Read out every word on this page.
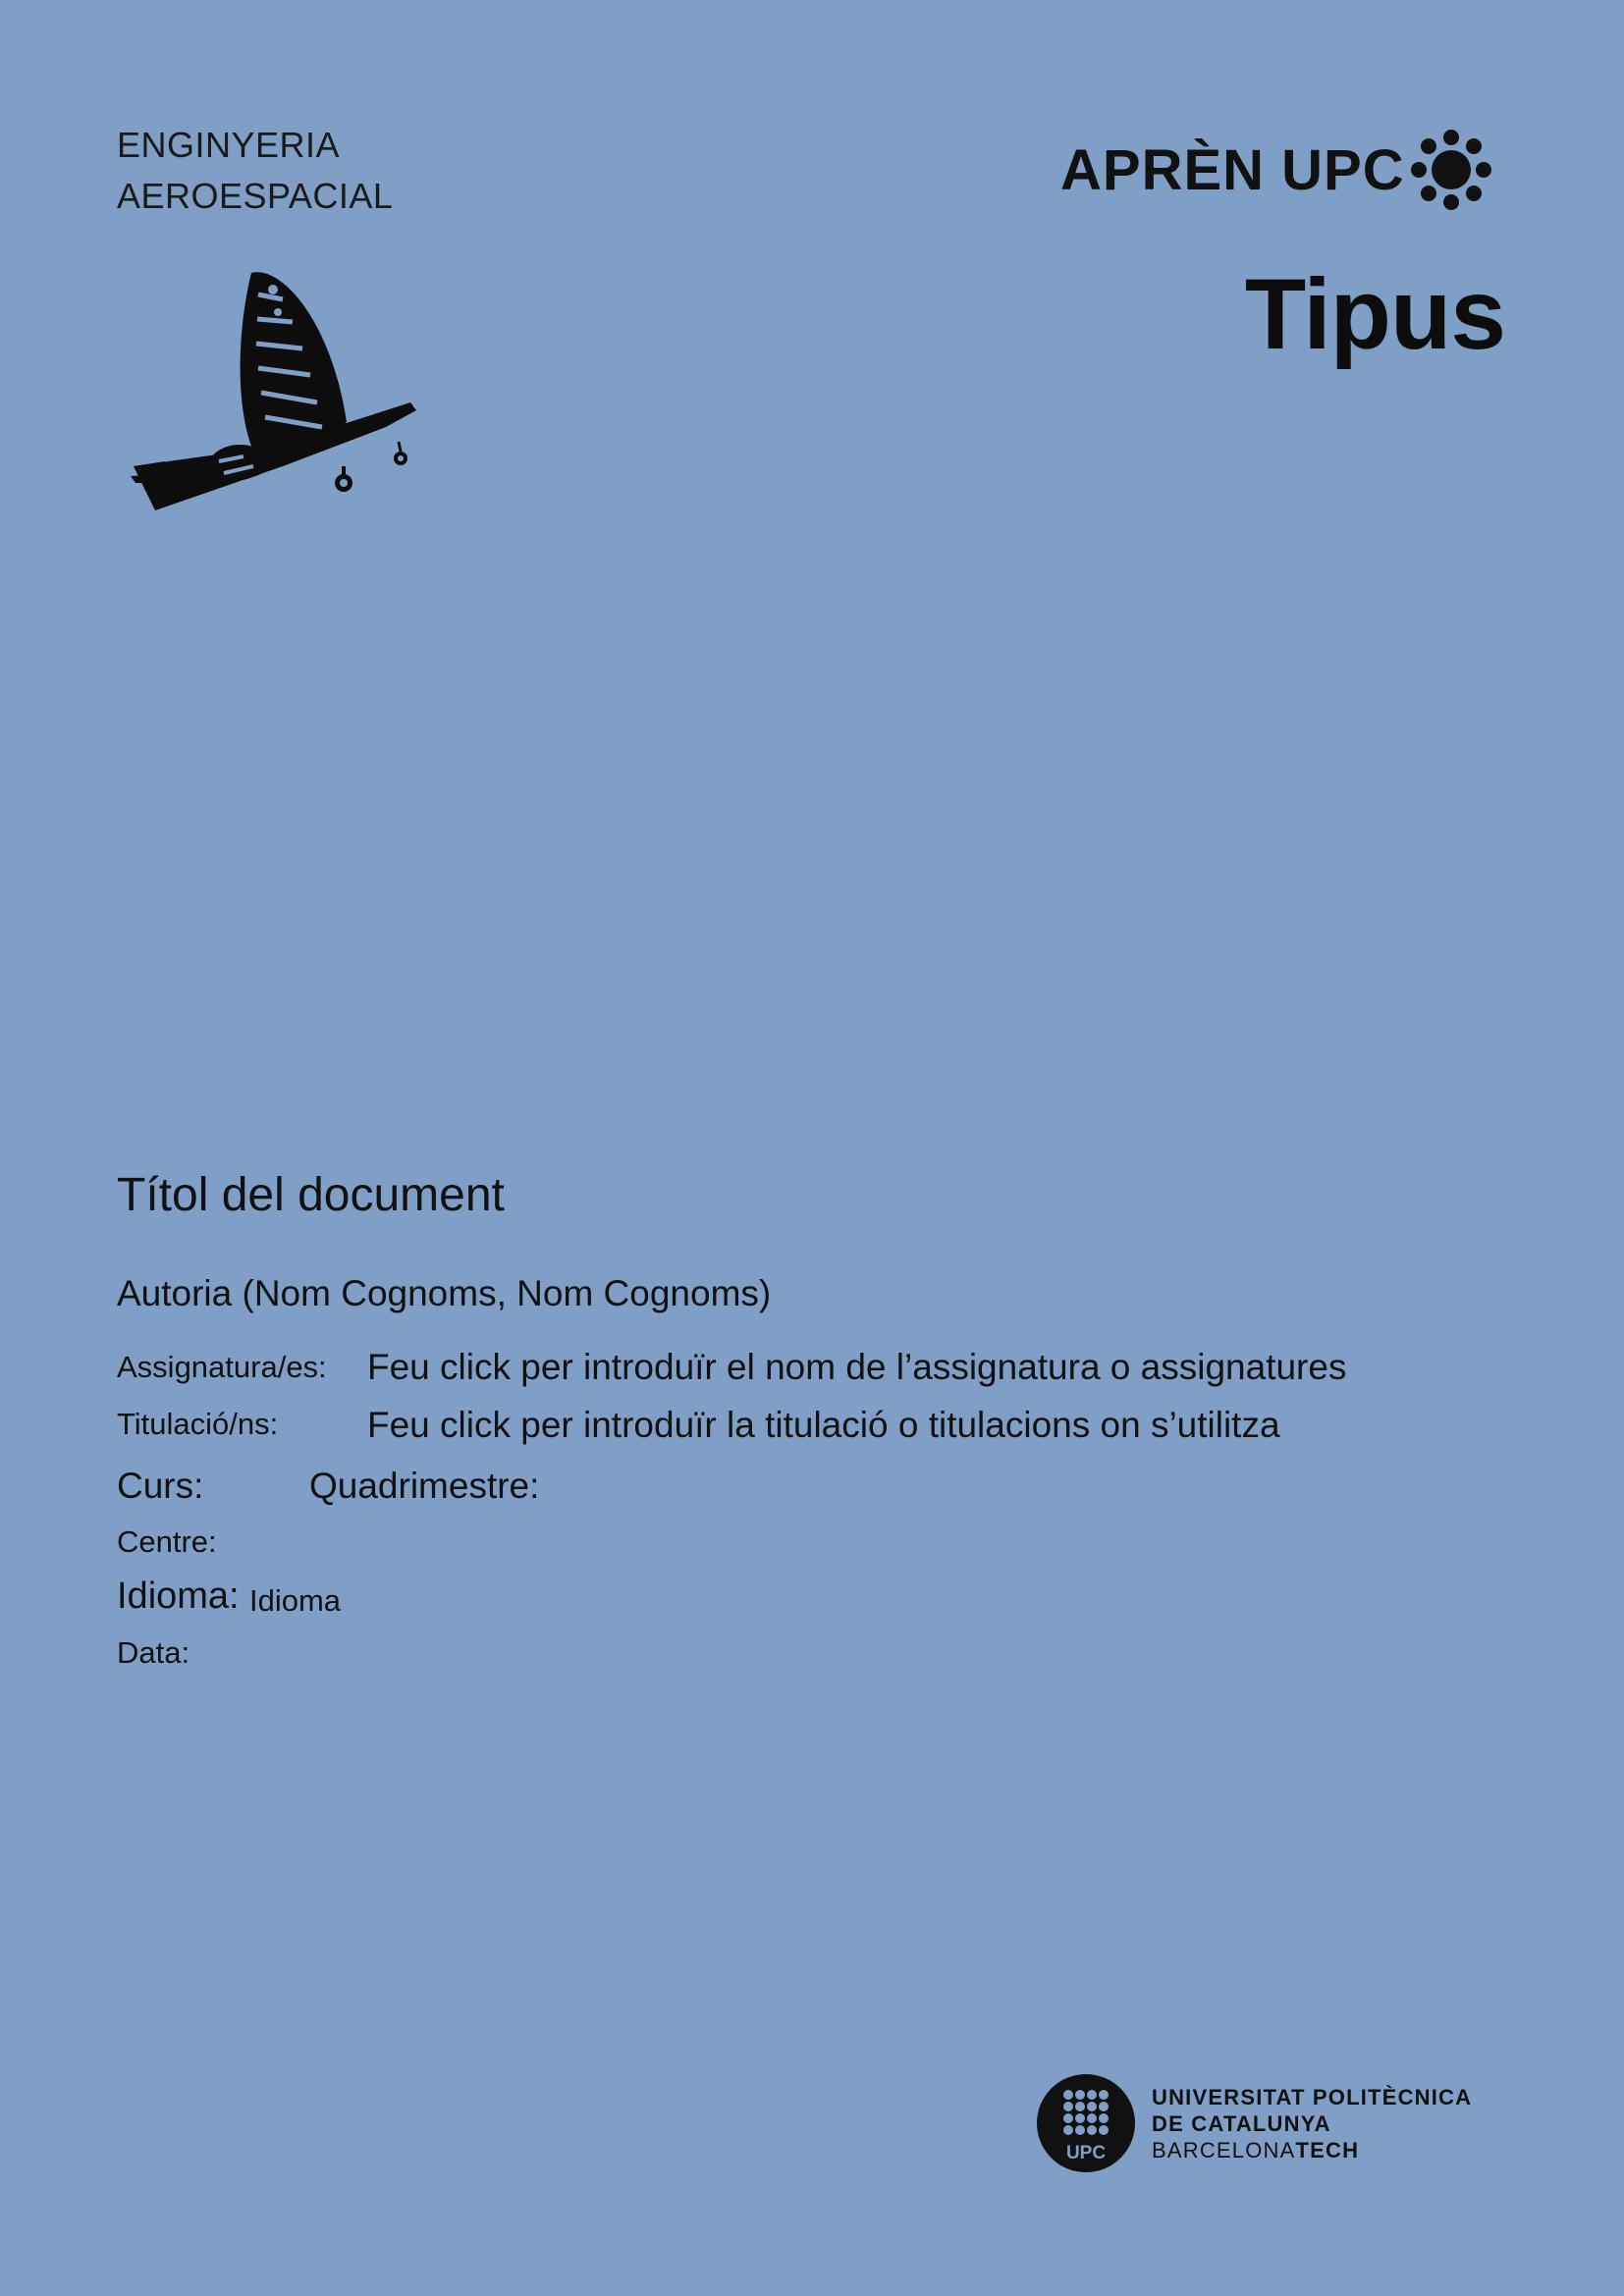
ENGINYERIA
AEROESPACIAL	APRÈN UPC
Tipus
Títol del document
Autoria (Nom Cognoms, Nom Cognoms)
Assignatura/es: Feu click per introduïr el nom de l’assignatura o assignatures
Titulació/ns: Feu click per introduïr la titulació o titulacions on s’utilitza
Curs:	Quadrimestre:
Centre:
Idioma: Idioma
Data:
UPC
UNIVERSITAT POLITÈCNICA
DE CATALUNYA
BARCELONATECH
